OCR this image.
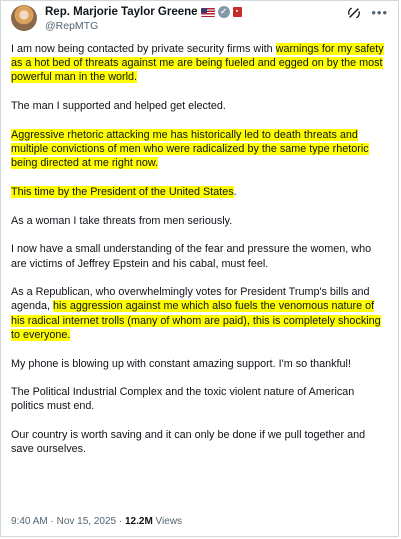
Rep. Marjorie Taylor Greene	✓	▪
@RepMTG
•••

I am now being contacted by private security firms with warnings for my safety as a hot bed of threats against me are being fueled and egged on by the most powerful man in the world.

The man I supported and helped get elected.

Aggressive rhetoric attacking me has historically led to death threats and multiple convictions of men who were radicalized by the same type rhetoric being directed at me right now.

This time by the President of the United States.

As a woman I take threats from men seriously.

I now have a small understanding of the fear and pressure the women, who are victims of Jeffrey Epstein and his cabal, must feel.

As a Republican, who overwhelmingly votes for President Trump's bills and agenda, his aggression against me which also fuels the venomous nature of his radical internet trolls (many of whom are paid), this is completely shocking to everyone.

My phone is blowing up with constant amazing support. I'm so thankful!

The Political Industrial Complex and the toxic violent nature of American politics must end.

Our country is worth saving and it can only be done if we pull together and save ourselves.

9:40 AM · Nov 15, 2025 · 12.2M Views
